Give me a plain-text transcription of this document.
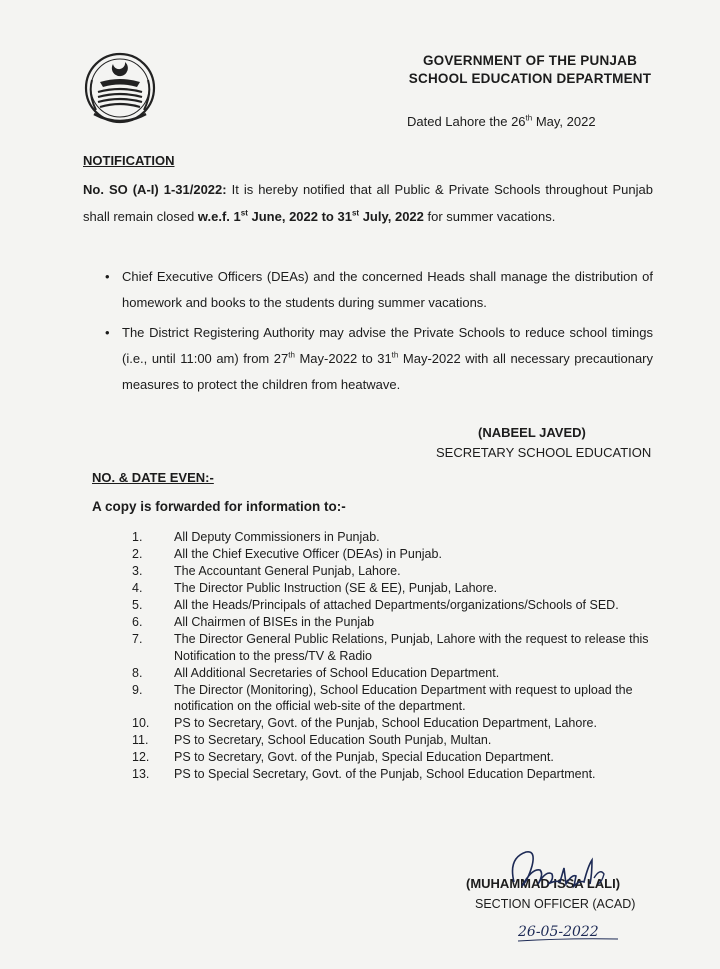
GOVERNMENT OF THE PUNJAB
SCHOOL EDUCATION DEPARTMENT
Dated Lahore the 26th May, 2022
NOTIFICATION
No. SO (A-I) 1-31/2022: It is hereby notified that all Public & Private Schools throughout Punjab shall remain closed w.e.f. 1st June, 2022 to 31st July, 2022 for summer vacations.
• Chief Executive Officers (DEAs) and the concerned Heads shall manage the distribution of homework and books to the students during summer vacations.
• The District Registering Authority may advise the Private Schools to reduce school timings (i.e., until 11:00 am) from 27th May-2022 to 31th May-2022 with all necessary precautionary measures to protect the children from heatwave.
(NABEEL JAVED)
SECRETARY SCHOOL EDUCATION
NO. & DATE EVEN:-
A copy is forwarded for information to:-
1.	All Deputy Commissioners in Punjab.
2.	All the Chief Executive Officer (DEAs) in Punjab.
3.	The Accountant General Punjab, Lahore.
4.	The Director Public Instruction (SE & EE), Punjab, Lahore.
5.	All the Heads/Principals of attached Departments/organizations/Schools of SED.
6.	All Chairmen of BISEs in the Punjab
7.	The Director General Public Relations, Punjab, Lahore with the request to release this Notification to the press/TV & Radio
8.	All Additional Secretaries of School Education Department.
9.	The Director (Monitoring), School Education Department with request to upload the notification on the official web-site of the department.
10.	PS to Secretary, Govt. of the Punjab, School Education Department, Lahore.
11.	PS to Secretary, School Education South Punjab, Multan.
12.	PS to Secretary, Govt. of the Punjab, Special Education Department.
13.	PS to Special Secretary, Govt. of the Punjab, School Education Department.
(MUHAMMAD ISSA LALI)
SECTION OFFICER (ACAD)
26-05-2022
